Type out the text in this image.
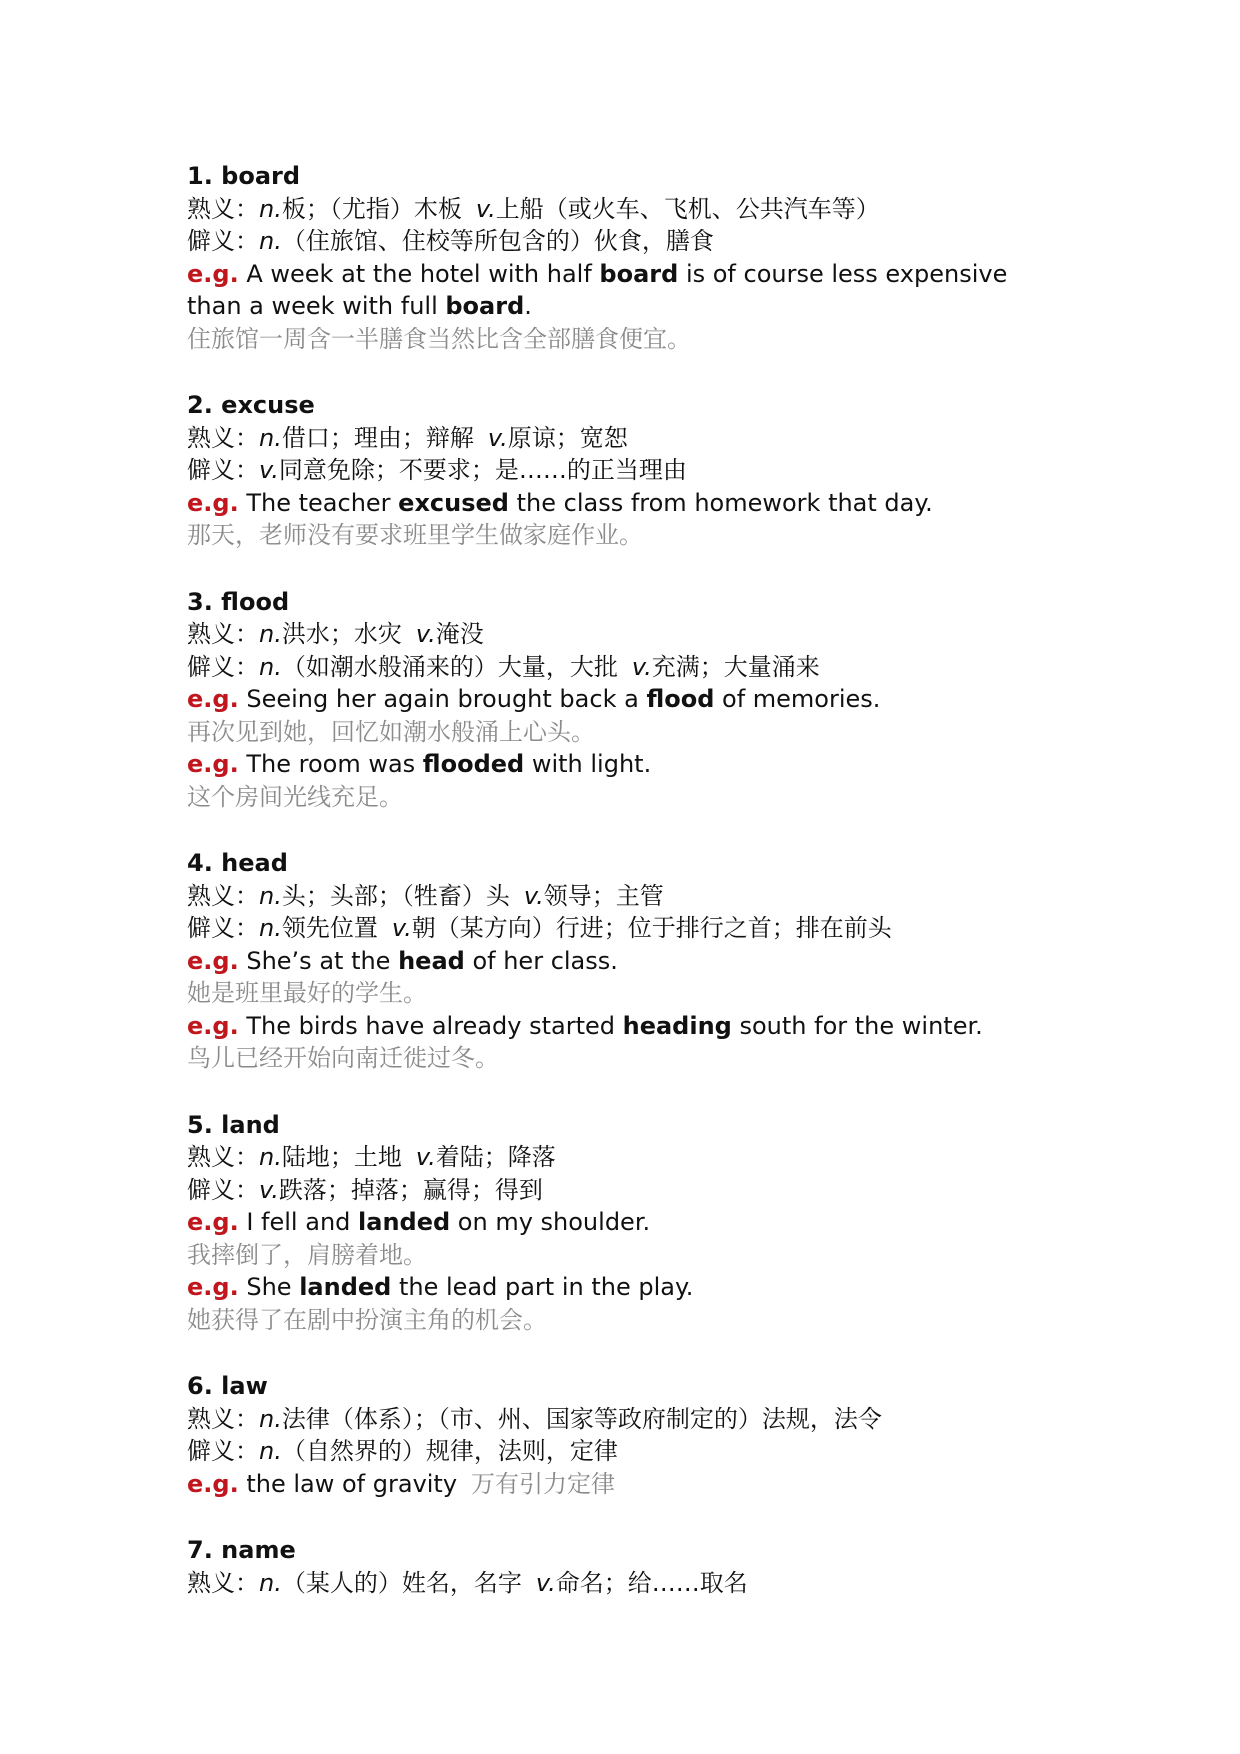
1. board
熟义：n.板；（尤指）木板 v.上船（或火车、飞机、公共汽车等）
僻义：n.（住旅馆、住校等所包含的）伙食，膳食
e.g. A week at the hotel with half board is of course less expensive than a week with full board.
住旅馆一周含一半膳食当然比含全部膳食便宜。
2. excuse
熟义：n.借口；理由；辩解 v.原谅；宽恕
僻义：v.同意免除；不要求；是……的正当理由
e.g. The teacher excused the class from homework that day.
那天，老师没有要求班里学生做家庭作业。
3. flood
熟义：n.洪水；水灾 v.淹没
僻义：n.（如潮水般涌来的）大量，大批 v.充满；大量涌来
e.g. Seeing her again brought back a flood of memories.
再次见到她，回忆如潮水般涌上心头。
e.g. The room was flooded with light.
这个房间光线充足。
4. head
熟义：n.头；头部；（牲畜）头 v.领导；主管
僻义：n.领先位置 v.朝（某方向）行进；位于排行之首；排在前头
e.g. She’s at the head of her class.
她是班里最好的学生。
e.g. The birds have already started heading south for the winter.
鸟儿已经开始向南迁徙过冬。
5. land
熟义：n.陆地；土地 v.着陆；降落
僻义：v.跌落；掉落；赢得；得到
e.g. I fell and landed on my shoulder.
我摔倒了，肩膀着地。
e.g. She landed the lead part in the play.
她获得了在剧中扮演主角的机会。
6. law
熟义：n.法律（体系）；（市、州、国家等政府制定的）法规，法令
僻义：n.（自然界的）规律，法则，定律
e.g. the law of gravity 万有引力定律
7. name
熟义：n.（某人的）姓名，名字 v.命名；给……取名
